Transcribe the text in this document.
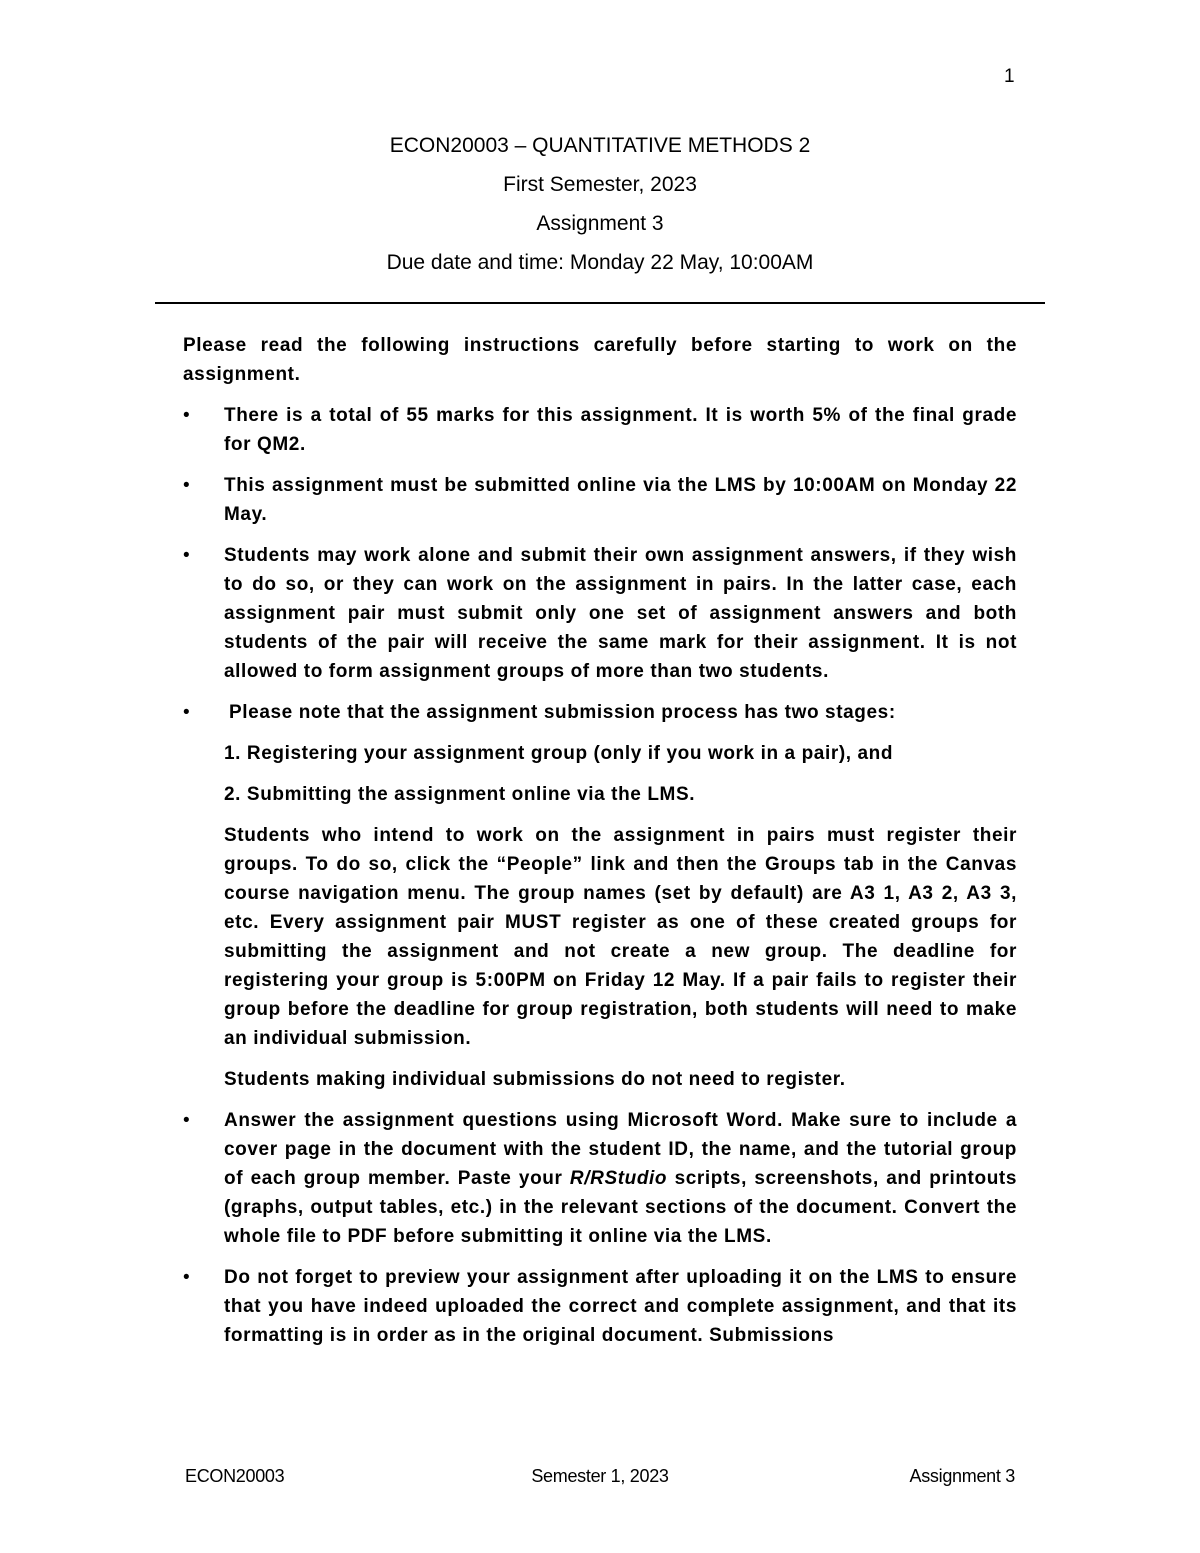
1
ECON20003 – QUANTITATIVE METHODS 2
First Semester, 2023
Assignment 3
Due date and time: Monday 22 May, 10:00AM

Please read the following instructions carefully before starting to work on the assignment.

• There is a total of 55 marks for this assignment. It is worth 5% of the final grade for QM2.

• This assignment must be submitted online via the LMS by 10:00AM on Monday 22 May.

• Students may work alone and submit their own assignment answers, if they wish to do so, or they can work on the assignment in pairs. In the latter case, each assignment pair must submit only one set of assignment answers and both students of the pair will receive the same mark for their assignment. It is not allowed to form assignment groups of more than two students.

• Please note that the assignment submission process has two stages:

1. Registering your assignment group (only if you work in a pair), and

2. Submitting the assignment online via the LMS.

Students who intend to work on the assignment in pairs must register their groups. To do so, click the “People” link and then the Groups tab in the Canvas course navigation menu. The group names (set by default) are A3 1, A3 2, A3 3, etc. Every assignment pair MUST register as one of these created groups for submitting the assignment and not create a new group. The deadline for registering your group is 5:00PM on Friday 12 May. If a pair fails to register their group before the deadline for group registration, both students will need to make an individual submission.

Students making individual submissions do not need to register.

• Answer the assignment questions using Microsoft Word. Make sure to include a cover page in the document with the student ID, the name, and the tutorial group of each group member. Paste your R/RStudio scripts, screenshots, and printouts (graphs, output tables, etc.) in the relevant sections of the document. Convert the whole file to PDF before submitting it online via the LMS.

• Do not forget to preview your assignment after uploading it on the LMS to ensure that you have indeed uploaded the correct and complete assignment, and that its formatting is in order as in the original document. Submissions

ECON20003	Semester 1, 2023	Assignment 3
